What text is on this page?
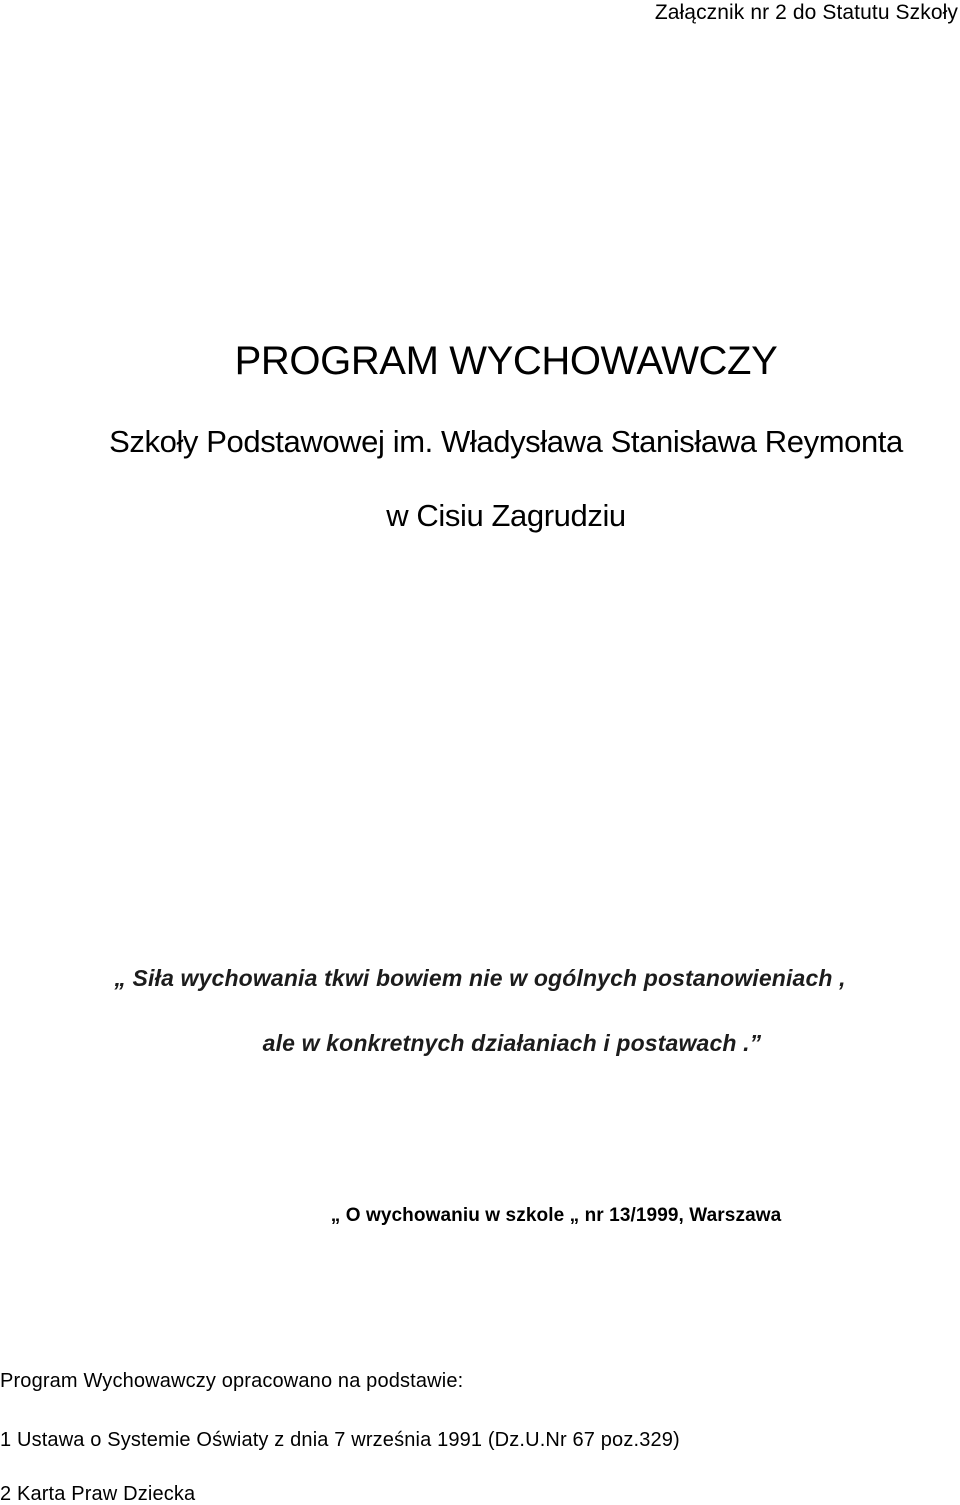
Załącznik nr 2 do Statutu Szkoły

PROGRAM WYCHOWAWCZY

Szkoły Podstawowej im. Władysława Stanisława Reymonta

w Cisiu Zagrudziu

„ Siła wychowania tkwi bowiem nie w ogólnych postanowieniach ,

ale w konkretnych działaniach i postawach .”

„ O wychowaniu w szkole „ nr 13/1999, Warszawa

Program Wychowawczy opracowano na podstawie:

1 Ustawa o Systemie Oświaty z dnia 7 września 1991 (Dz.U.Nr 67 poz.329)

2 Karta Praw Dziecka
